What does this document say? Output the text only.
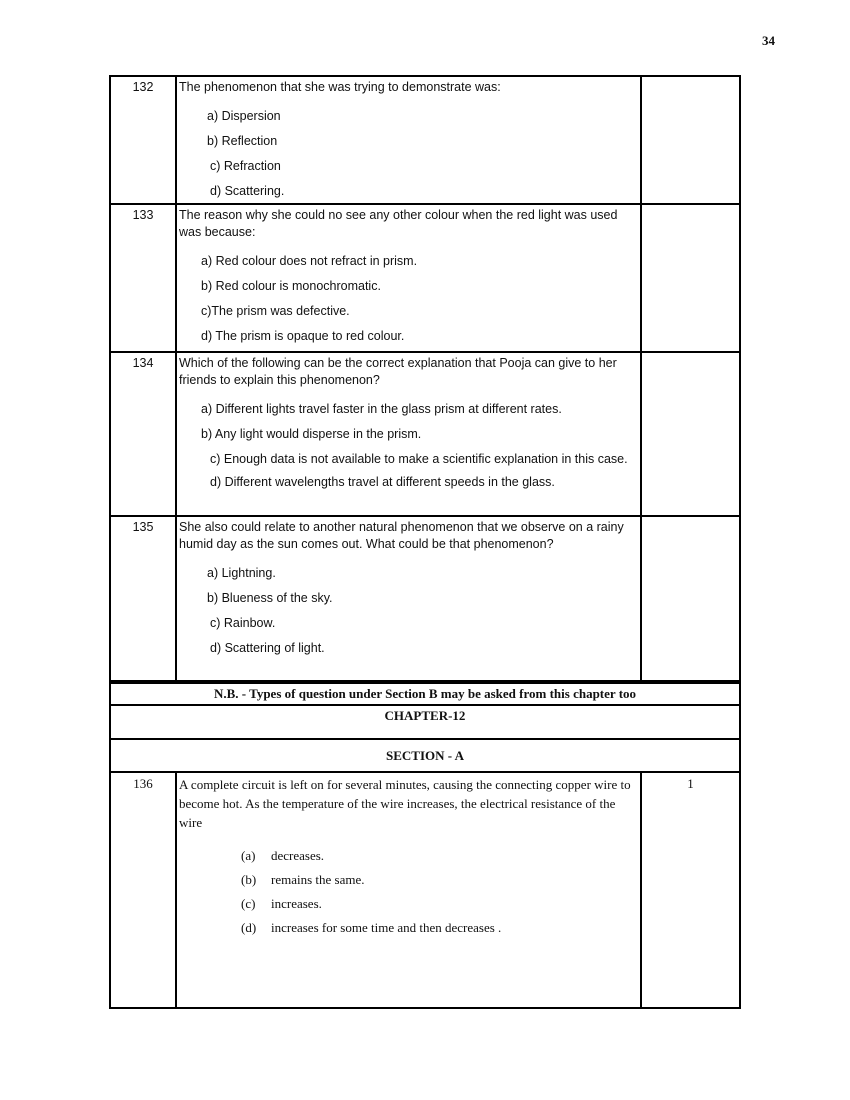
34
132	The phenomenon that she was trying to demonstrate was:

a) Dispersion

b) Reflection

c) Refraction

d) Scattering.

133	The reason why she could no see any other colour when the red light was used was because:

a) Red colour does not refract in prism.

b) Red colour is monochromatic.

c)The prism was defective.

d) The prism is opaque to red colour.

134	Which of the following can be the correct explanation that Pooja can give to her friends to explain this phenomenon?

a) Different lights travel faster in the glass prism at different rates.

b) Any light would disperse in the prism.

c) Enough data is not available to make a scientific explanation in this case.

d) Different wavelengths travel at different speeds in the glass.

135	She also could relate to another natural phenomenon that we observe on a rainy humid day as the sun comes out. What could be that phenomenon?

a) Lightning.

b) Blueness of the sky.

c) Rainbow.

d) Scattering of light.

N.B. - Types of question under Section B may be asked from this chapter too
CHAPTER-12
SECTION - A
136	A complete circuit is left on for several minutes, causing the connecting copper wire to become hot. As the temperature of the wire increases, the electrical resistance of the wire

(a)	decreases.

(b)	remains the same.

(c)	increases.

(d)	increases for some time and then decreases .

1
